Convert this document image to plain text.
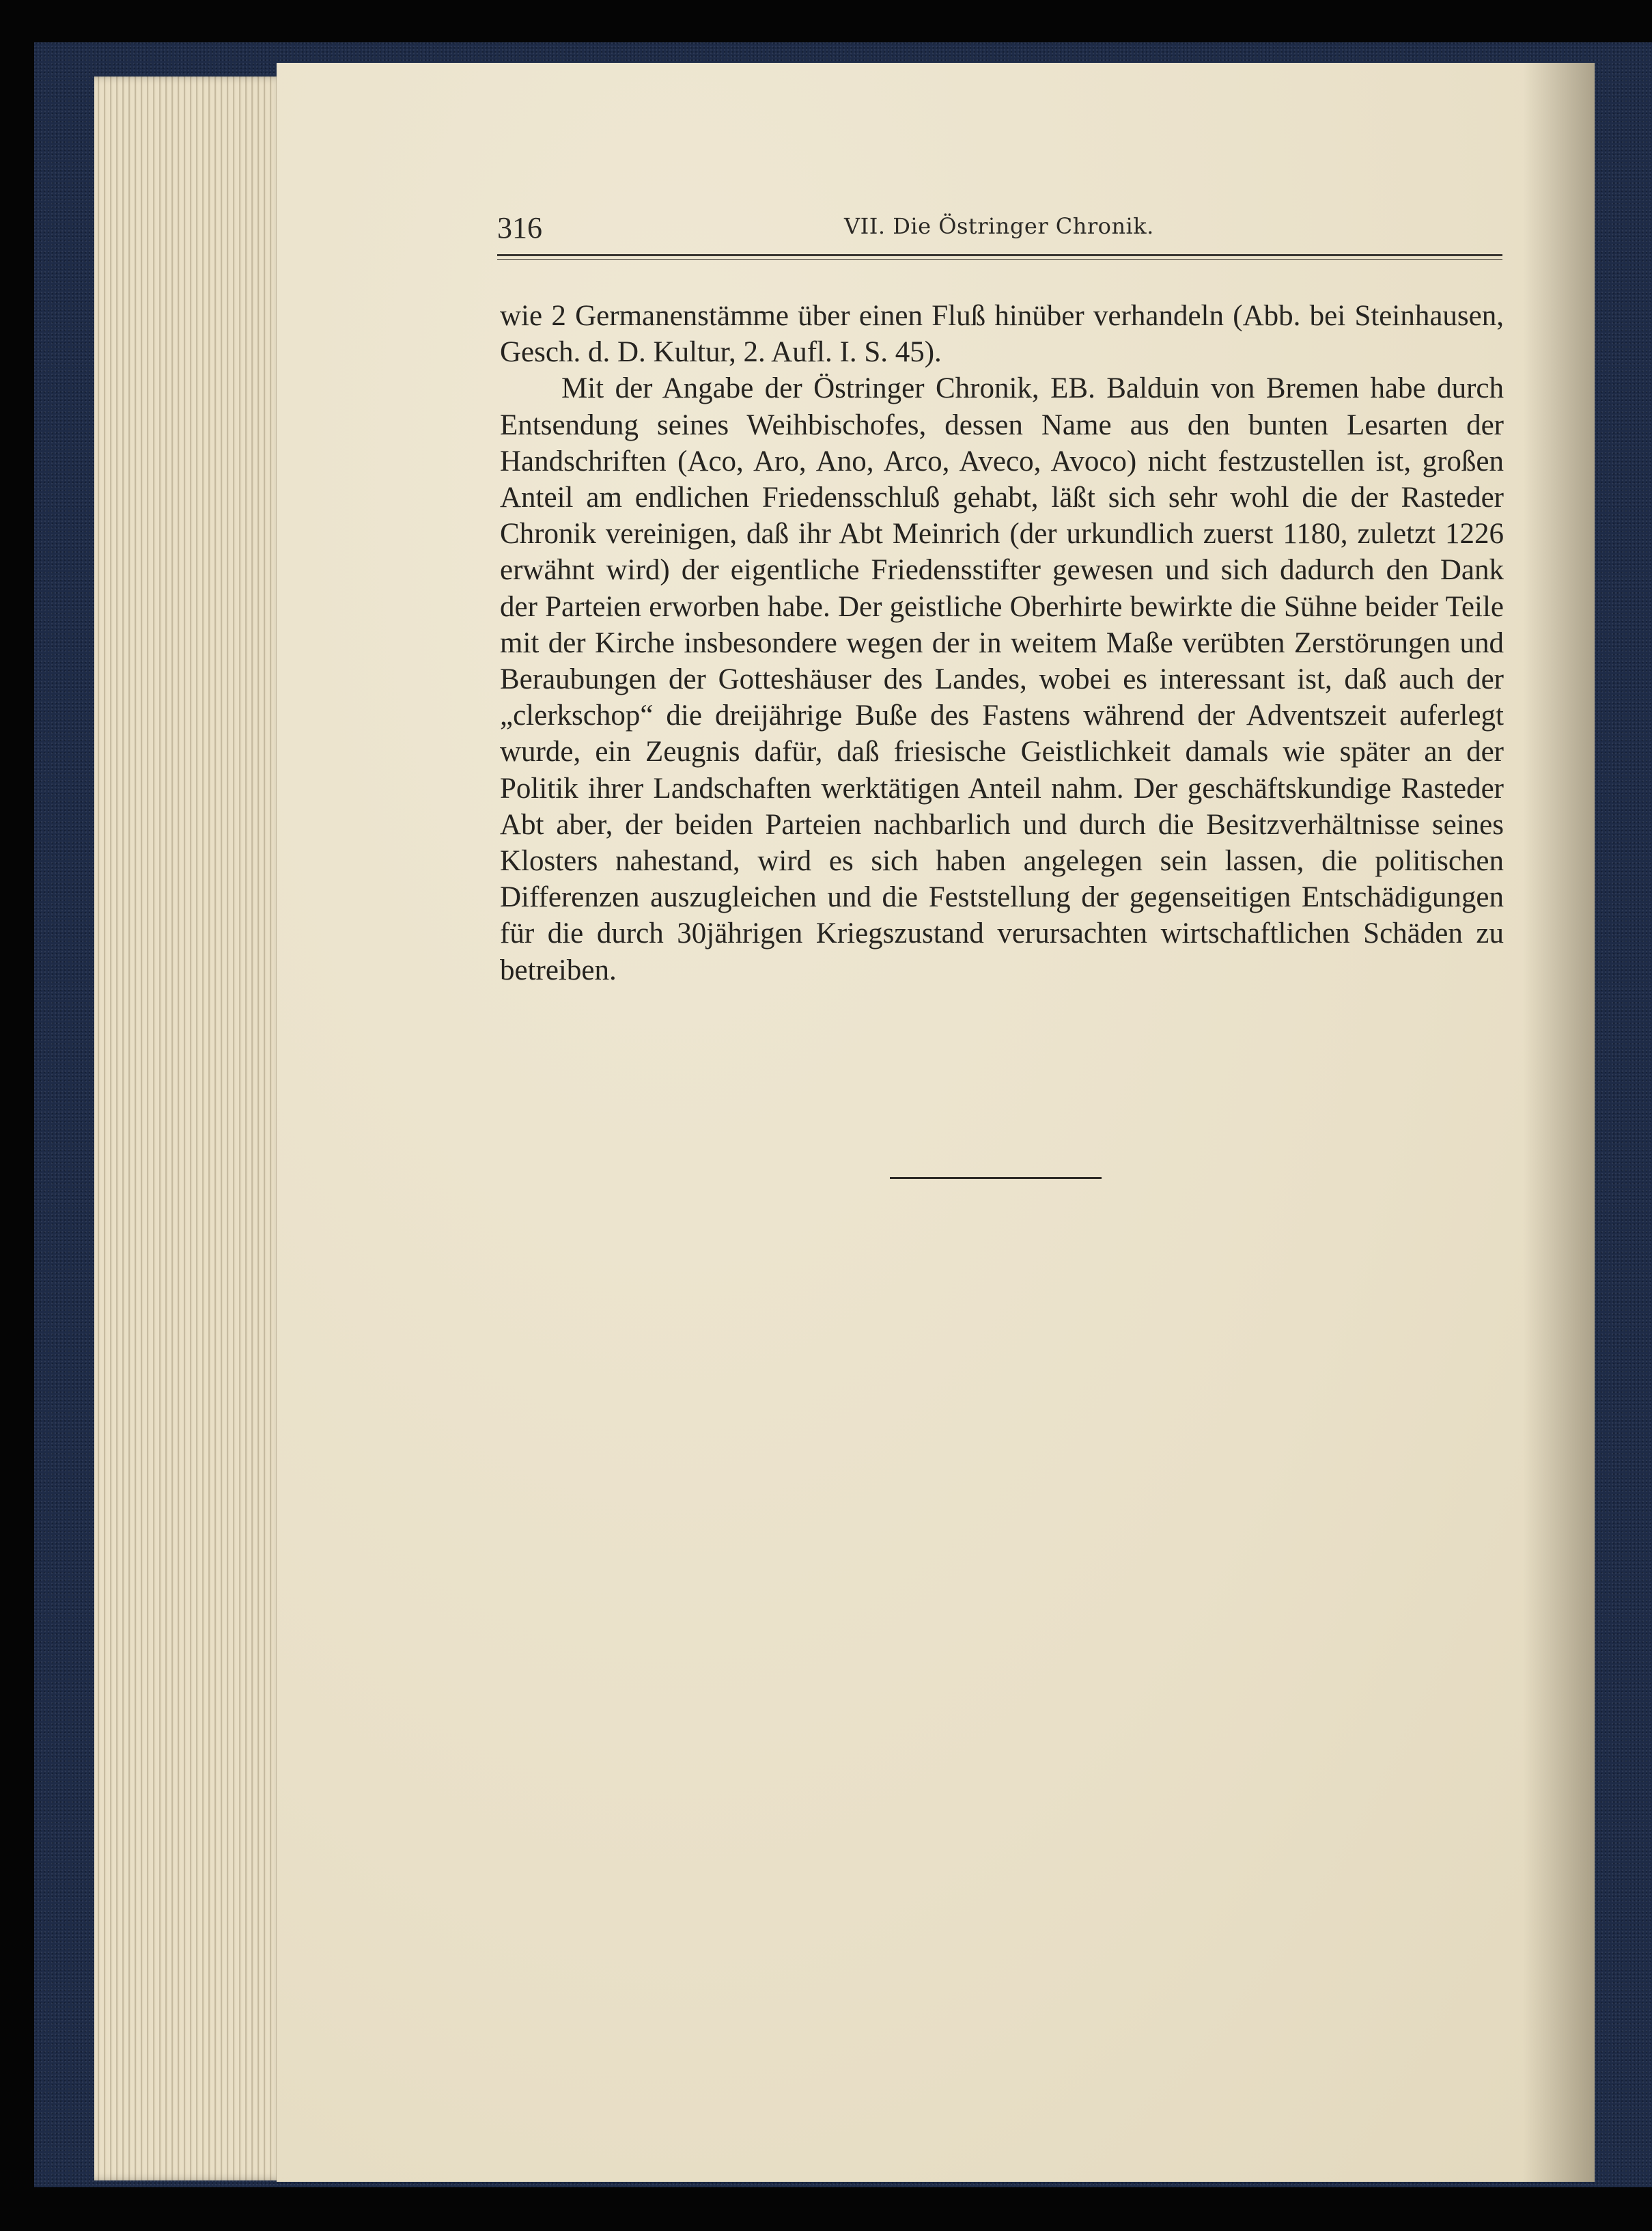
316	VII. Die Östringer Chronik.

wie 2 Germanenstämme über einen Fluß hinüber verhandeln (Abb. bei Steinhausen, Gesch. d. D. Kultur, 2. Aufl. I. S. 45).

Mit der Angabe der Östringer Chronik, EB. Balduin von Bremen habe durch Entsendung seines Weihbischofes, dessen Name aus den bunten Lesarten der Handschriften (Aco, Aro, Ano, Arco, Aveco, Avoco) nicht festzustellen ist, großen Anteil am endlichen Friedensschluß gehabt, läßt sich sehr wohl die der Rasteder Chronik vereinigen, daß ihr Abt Meinrich (der urkundlich zuerst 1180, zuletzt 1226 erwähnt wird) der eigentliche Friedensstifter gewesen und sich dadurch den Dank der Parteien erworben habe. Der geistliche Oberhirte bewirkte die Sühne beider Teile mit der Kirche insbesondere wegen der in weitem Maße verübten Zerstörungen und Beraubungen der Gotteshäuser des Landes, wobei es interessant ist, daß auch der „clerkschop“ die dreijährige Buße des Fastens während der Adventszeit auferlegt wurde, ein Zeugnis dafür, daß friesische Geistlichkeit damals wie später an der Politik ihrer Landschaften werktätigen Anteil nahm. Der geschäftskundige Rasteder Abt aber, der beiden Parteien nachbarlich und durch die Besitzverhältnisse seines Klosters nahestand, wird es sich haben angelegen sein lassen, die politischen Differenzen auszugleichen und die Feststellung der gegenseitigen Entschädigungen für die durch 30jährigen Kriegszustand verursachten wirtschaftlichen Schäden zu betreiben.
